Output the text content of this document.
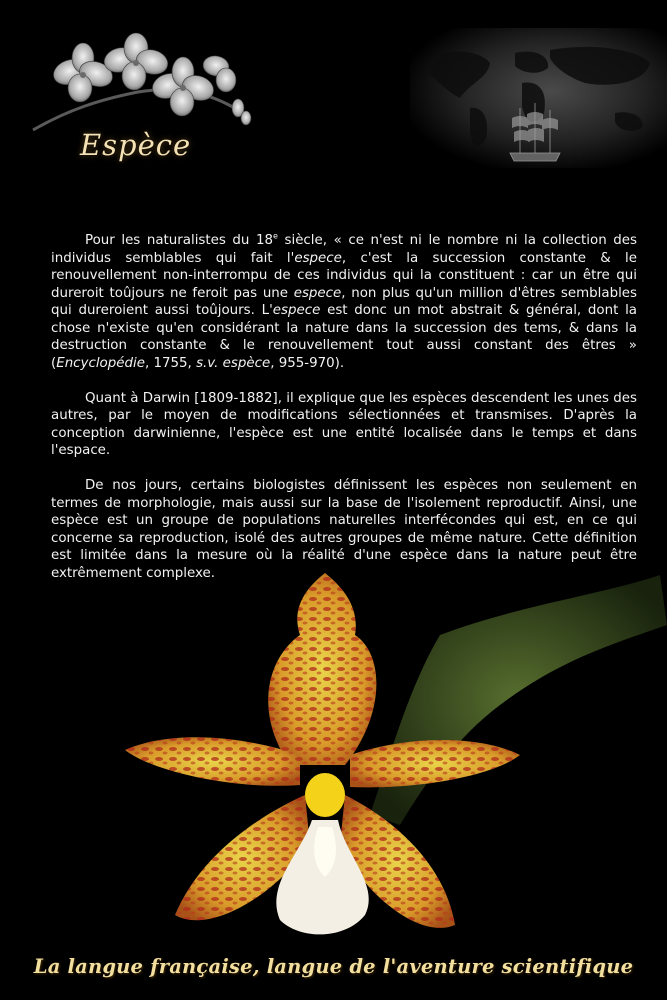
Espèce

Pour les naturalistes du 18e siècle, « ce n'est ni le nombre ni la collection des individus semblables qui fait l'espece, c'est la succession constante & le renouvellement non-interrompu de ces individus qui la constituent : car un être qui dureroit toûjours ne feroit pas une espece, non plus qu'un million d'êtres semblables qui dureroient aussi toûjours. L'espece est donc un mot abstrait & général, dont la chose n'existe qu'en considérant la nature dans la succession des tems, & dans la destruction constante & le renouvellement tout aussi constant des êtres » (Encyclopédie, 1755, s.v. espèce, 955-970).

Quant à Darwin [1809-1882], il explique que les espèces descendent les unes des autres, par le moyen de modifications sélectionnées et transmises. D'après la conception darwinienne, l'espèce est une entité localisée dans le temps et dans l'espace.

De nos jours, certains biologistes définissent les espèces non seulement en termes de morphologie, mais aussi sur la base de l'isolement reproductif. Ainsi, une espèce est un groupe de populations naturelles interfécondes qui est, en ce qui concerne sa reproduction, isolé des autres groupes de même nature. Cette définition est limitée dans la mesure où la réalité d'une espèce dans la nature peut être extrêmement complexe.

La langue française, langue de l'aventure scientifique
